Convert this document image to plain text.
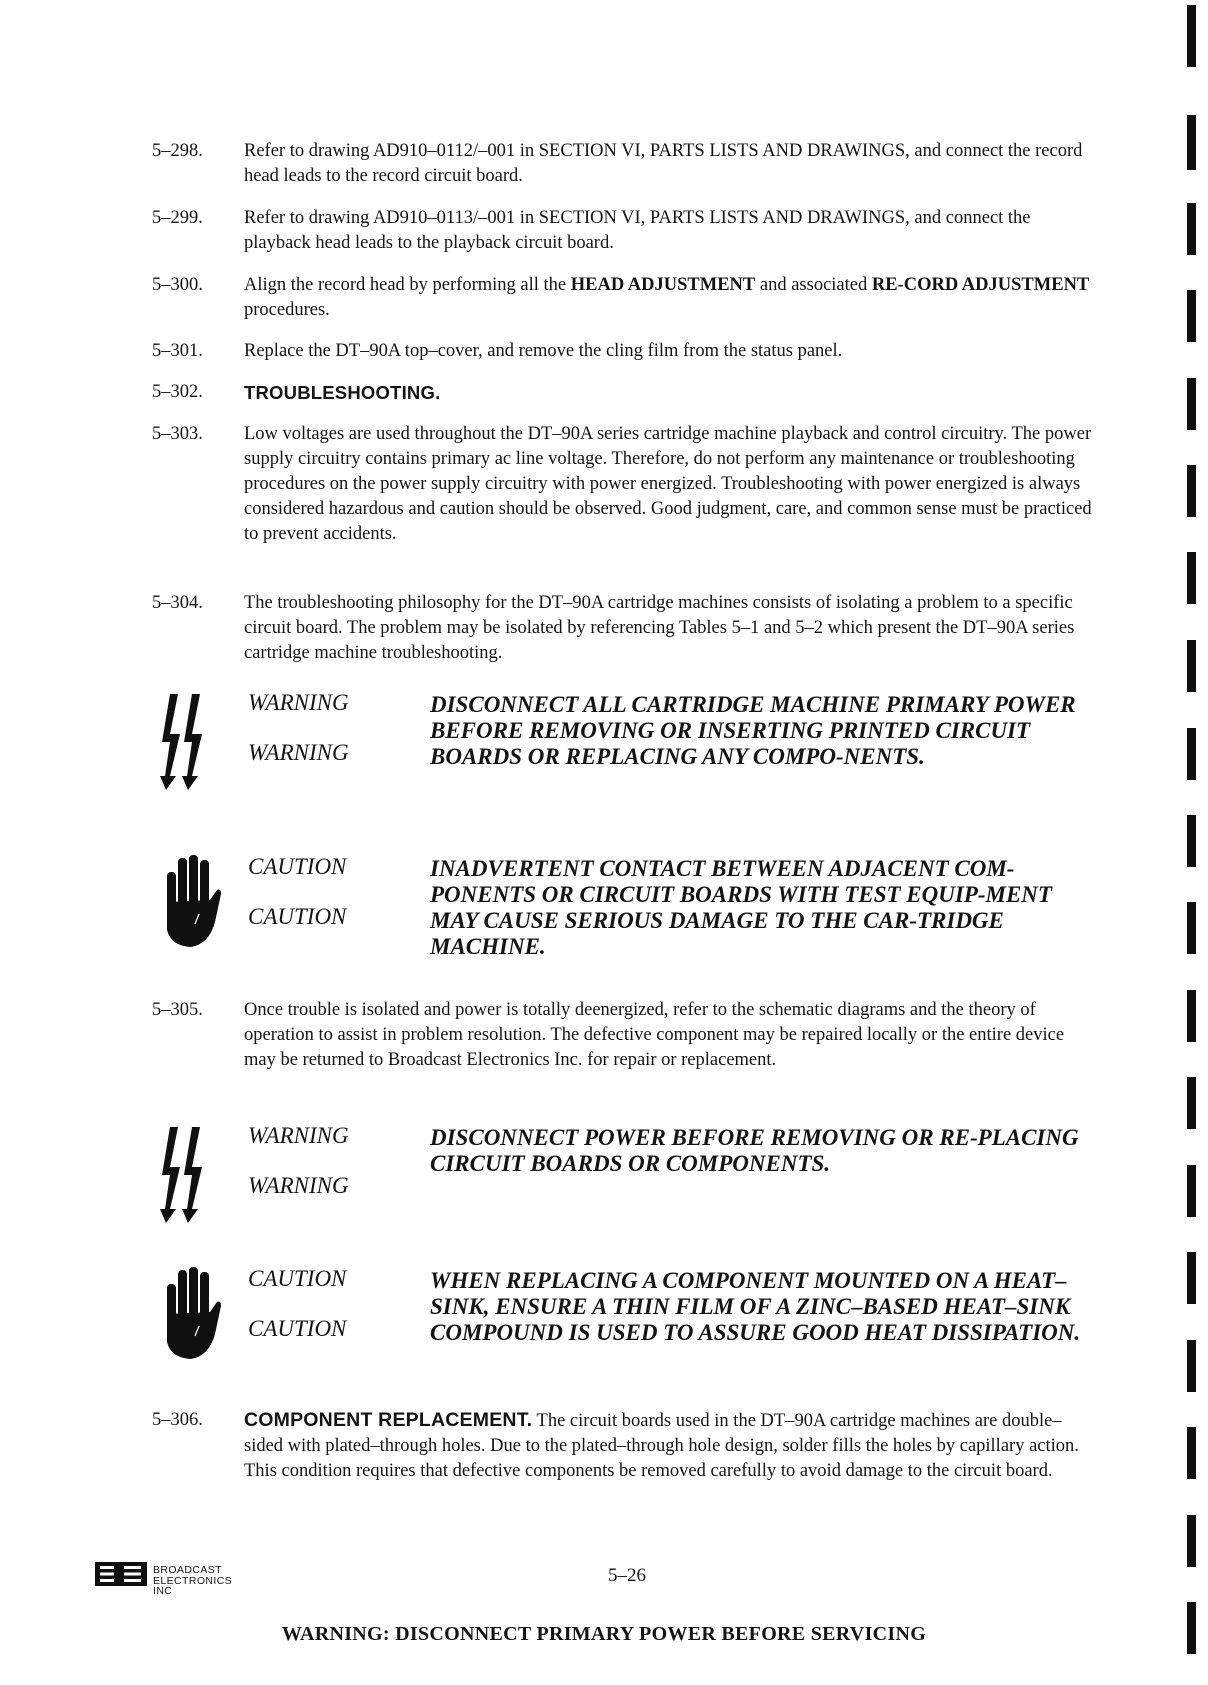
5–298.	Refer to drawing AD910–0112/–001 in SECTION VI, PARTS LISTS AND DRAWINGS, and connect the record head leads to the record circuit board.
5–299.	Refer to drawing AD910–0113/–001 in SECTION VI, PARTS LISTS AND DRAWINGS, and connect the playback head leads to the playback circuit board.
5–300.	Align the record head by performing all the HEAD ADJUSTMENT and associated RE-CORD ADJUSTMENT procedures.
5–301.	Replace the DT–90A top–cover, and remove the cling film from the status panel.
5–302.	TROUBLESHOOTING.
5–303.	Low voltages are used throughout the DT–90A series cartridge machine playback and control circuitry. The power supply circuitry contains primary ac line voltage. Therefore, do not perform any maintenance or troubleshooting procedures on the power supply circuitry with power energized. Troubleshooting with power energized is always considered hazardous and caution should be observed. Good judgment, care, and common sense must be practiced to prevent accidents.
5–304.	The troubleshooting philosophy for the DT–90A cartridge machines consists of isolating a problem to a specific circuit board. The problem may be isolated by referencing Tables 5–1 and 5–2 which present the DT–90A series cartridge machine troubleshooting.
WARNING
WARNING
DISCONNECT ALL CARTRIDGE MACHINE PRIMARY POWER BEFORE REMOVING OR INSERTING PRINTED CIRCUIT BOARDS OR REPLACING ANY COMPO-NENTS.
CAUTION
CAUTION
INADVERTENT CONTACT BETWEEN ADJACENT COM-PONENTS OR CIRCUIT BOARDS WITH TEST EQUIP-MENT MAY CAUSE SERIOUS DAMAGE TO THE CAR-TRIDGE MACHINE.
5–305.	Once trouble is isolated and power is totally deenergized, refer to the schematic diagrams and the theory of operation to assist in problem resolution. The defective component may be repaired locally or the entire device may be returned to Broadcast Electronics Inc. for repair or replacement.
WARNING
WARNING
DISCONNECT POWER BEFORE REMOVING OR RE-PLACING CIRCUIT BOARDS OR COMPONENTS.
CAUTION
CAUTION
WHEN REPLACING A COMPONENT MOUNTED ON A HEAT–SINK, ENSURE A THIN FILM OF A ZINC–BASED HEAT–SINK COMPOUND IS USED TO ASSURE GOOD HEAT DISSIPATION.
5–306.	COMPONENT REPLACEMENT. The circuit boards used in the DT–90A cartridge machines are double–sided with plated–through holes. Due to the plated–through hole design, solder fills the holes by capillary action. This condition requires that defective components be removed carefully to avoid damage to the circuit board.
BROADCAST
ELECTRONICS INC
5–26
WARNING: DISCONNECT PRIMARY POWER BEFORE SERVICING
